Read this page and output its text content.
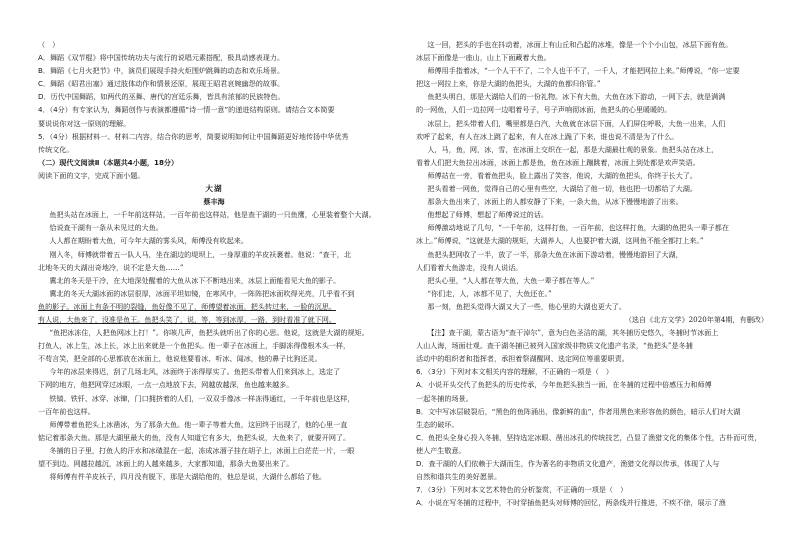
（　）

A．舞蹈《双节棍》将中国传统功夫与流行的说唱元素搭配，极具动感表现力。

B．舞蹈《七月火把节》中，演员们展现手持火炬围炉跳舞的动态和欢乐场景。

C．舞蹈《昭君出塞》通过肢体动作和情景还原，展现王昭君哀婉幽怨的故事。

D．历代中国舞蹈，如两代的巫舞、唐代的宫廷乐舞，皆具有浓郁的民族特色。

4．（4分）有专家认为，舞蹈创作与表演都遵循“诗一情一意”的递进结构原则。请结合文本简要

要说说你对这一原则的理解。

5．（4分）根据材料一、材料二内容，结合你的思考，简要说明如何让中国舞蹈更好地传扬中华优秀

传统文化。

（二）现代文阅读Ⅱ（本题共4小题，18分）

阅读下面的文字，完成下面小题。

大湖

蔡丰海

鱼把头站在冰面上，一千年前这样站，一百年前也这样站，他是查干湖的一只鱼鹰，心里装着整个大湖。

恰说查干湖有一条从未见过的大鱼。

人人都在期盼着大鱼，可今年大湖的雾头风，师傅没有吹起来。

刚入冬，师傅就带着五一队人马，坐在湖边的堤坝上，一身厚重的羊皮袄裹着。他说：“查干，北

北地冬天的大湖出奇地冷，说不定是大鱼……”

冀北的冬天是干冷，在大地深处醒着的大鱼从冰下不断地出来，冰层上面能看见大鱼的影子。

冀北的冬天大湖冰面的冰层很厚，冰面平坦如镜，在寒风中，一阵阵把冰面吹得光亮，几乎看不到

鱼的影子。冰面上有条不明的裂缝，鱼好像不见了，师傅望着冰面，把头转过来，一脸的沉思。

有人说，大鱼来了，没准是鱼王。鱼把头笑了，说，等，等到冰厚，一路，到时看准了就下网。

“鱼把冰冻住，人把鱼网冰上打！”。你咳几声，鱼把头就听出了你的心思。他说，这就是大湖的规矩。

打鱼人，冰上生，冰上长，冰上出来就是一个鱼把头。他一辈子在冰面上，手脚冻得像根木头一样，

不苟言笑，把全部的心思都放在冰面上，他说他要看冰、听冰、闻冰，他的鼻子比狗还灵。

今年的冰层来得迟，刮了几场北风，冰面终于冻得厚实了。鱼把头带着人们来到冰上，选定了

下网的地方，他把网穿过冰眼，一点一点地放下去，网越放越深，鱼也越来越多。

铁镐、铁钎、冰穿、冰镩，门口拥挤着的人们，一双双手像冰一样冻得通红，一千年前也是这样，

一百年前也这样。

师傅带着鱼把头上冰凿冰，为了那条大鱼。他一辈子等着大鱼，这回终于出现了，他的心里一直

惦记着那条大鱼。那是大湖里最大的鱼，没有人知道它有多大，鱼把头说，大鱼来了，就要开网了。

冬捕的日子里，打鱼人的汗水和冰碴混在一起，冻成冰溜子挂在胡子上，冰面上白茫茫一片，一眼

望不到边。网越拉越沉，冰面上的人越来越多，大家都知道，那条大鱼要出来了。

将师傅有件羊皮袄子，四月没有脱下，那是大湖给他的，他总是说，大湖什么都给了他。

这一回，把头的手也在抖动着，冰面上有山丘和凸起的冰堆，像是一个个小山包，冰层下面有鱼。

冰层下面像是一座山，山上下面藏着大鱼。

师傅用手指着冰，“一个人干不了，二个人也干不了，一千人，才能把网拉上来。”师傅说，“你一定要

把这一网拉上来，你是大湖的鱼把头，大湖的鱼都归你管。”

鱼把头明白，那是大湖给人们的一份礼物。冰下有大鱼，大鱼在冰下游动，一网下去，就是满满

的一网鱼，人们一边拉网一边唱着号子，号子声响彻冰面，鱼把头的心里暖暖的。

冰层上，把头带着人们，嘴里都是白汽，大鱼就在冰层下面，人们屏住呼吸，大鱼一出来，人们

欢呼了起来，有人在冰上跳了起来，有人在冰上跪了下来，谁也说不清是为了什么。

人，马，鱼，网，冰，雪，在冰面上交织在一起，那是大湖最壮观的景象。鱼把头站在冰上，

看着人们把大鱼拉出冰面，冰面上都是鱼，鱼在冰面上蹦跳着，冰面上到处都是欢声笑语。

师傅站在一旁，看着鱼把头，脸上露出了笑容，他说，大湖的鱼把头，你终于长大了。

把头看着一网鱼，觉得自己的心里有些空，大湖给了他一切，他也把一切都给了大湖。

那条大鱼出来了，冰面上的人都安静了下来，一条大鱼，从冰下慢慢地游了出来。

他想起了师傅，想起了师傅说过的话。

师傅激动地说了几句，“一千年前，这样打鱼，一百年前，也这样打鱼，大湖的鱼把头一辈子都在

冰上。”师傅说，“这就是大湖的规矩，大湖养人，人也要护着大湖，这网鱼不能全都打上来。”

鱼把头把网收了一半，放了一半，那条大鱼在冰面下游动着，慢慢地游回了大湖，

人们看着大鱼游走，没有人说话。

把头心里，“人人都在等大鱼，大鱼一辈子都在等人。”

“你们走，人，冰都不见了，大鱼还在。”

那一刻，鱼把头觉得大湖又大了一些，他心里的大湖也更大了。

（选自《北方文学》2020年第4期，有删改）

【注】查干湖，蒙古语为“查干淖尔”，意为白色圣洁的湖，其冬捕历史悠久，冬捕时节冰面上

人山人海，场面壮观。查干湖冬捕已被列入国家级非物质文化遗产名录，“鱼把头”是冬捕

活动中的组织者和指挥者，承担着祭湖醒网、选定网位等重要职责。

6．（3分）下列对本文相关内容的理解，不正确的一项是（　）

A．小说开头交代了鱼把头的历史传承，今年鱼把头独当一面，在冬捕的过程中倍感压力和师傅

一起冬捕的场景。

B．文中写冰层破裂后，“黑色的鱼阵涌出，像新鲜的血”，作者用黑色来形容鱼的颜色，暗示人们对大湖

生态的破坏。

C．鱼把头全身心投入冬捕，坚持选定冰眼、凿出冰孔的传统技艺，凸显了渔猎文化的集体个性，古朴而可贵，

使人产生敬意。

D．查干湖的人们依赖于大湖而生，作为著名的非物质文化遗产，渔猎文化得以传承，体现了人与

自然和谐共生的美好愿景。

7．（3分）下列对本文艺术特色的分析鉴赏，不正确的一项是（　）

A．小说在写冬捕的过程中，不时穿插鱼把头对师傅的回忆，两条线并行推进，不疾不徐，展示了渔
